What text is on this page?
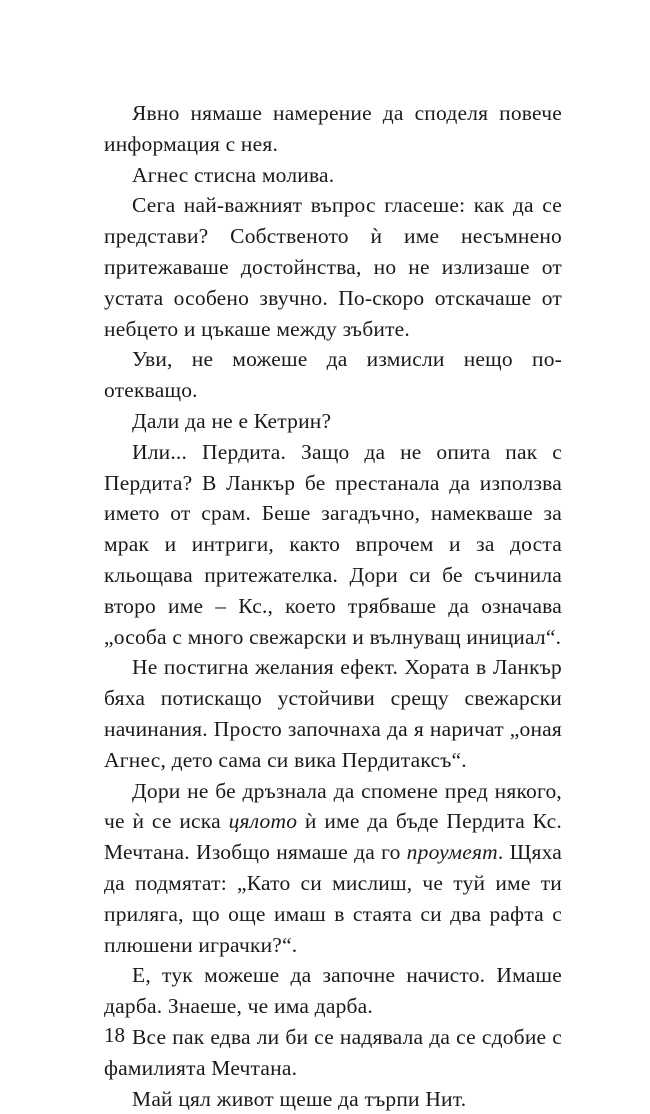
Явно нямаше намерение да споделя повече информация с нея.

Агнес стисна молива.

Сега най-важният въпрос гласеше: как да се представи? Собственото ѝ име несъмнено притежаваше достойнства, но не излизаше от устата особено звучно. По-скоро отскачаше от небцето и цъкаше между зъбите.

Уви, не можеше да измисли нещо по-отекващо.

Дали да не е Кетрин?

Или... Пердита. Защо да не опита пак с Пердита? В Ланкър бе престанала да използва името от срам. Беше загадъчно, намекваше за мрак и интриги, както впрочем и за доста кльощава притежателка. Дори си бе съчинила второ име – Кс., което трябваше да означава „особа с много свежарски и вълнуващ инициал“.

Не постигна желания ефект. Хората в Ланкър бяха потискащо устойчиви срещу свежарски начинания. Просто започнаха да я наричат „оная Агнес, дето сама си вика Пердитаксъ“.

Дори не бе дръзнала да спомене пред някого, че ѝ се иска цялото ѝ име да бъде Пердита Кс. Мечтана. Изобщо нямаше да го проумеят. Щяха да подмятат: „Като си мислиш, че туй име ти приляга, що още имаш в стаята си два рафта с плюшени играчки?“.

Е, тук можеше да започне начисто. Имаше дарба. Знаеше, че има дарба.

Все пак едва ли би се надявала да се сдобие с фамилията Мечтана.

Май цял живот щеше да търпи Нит.

18
